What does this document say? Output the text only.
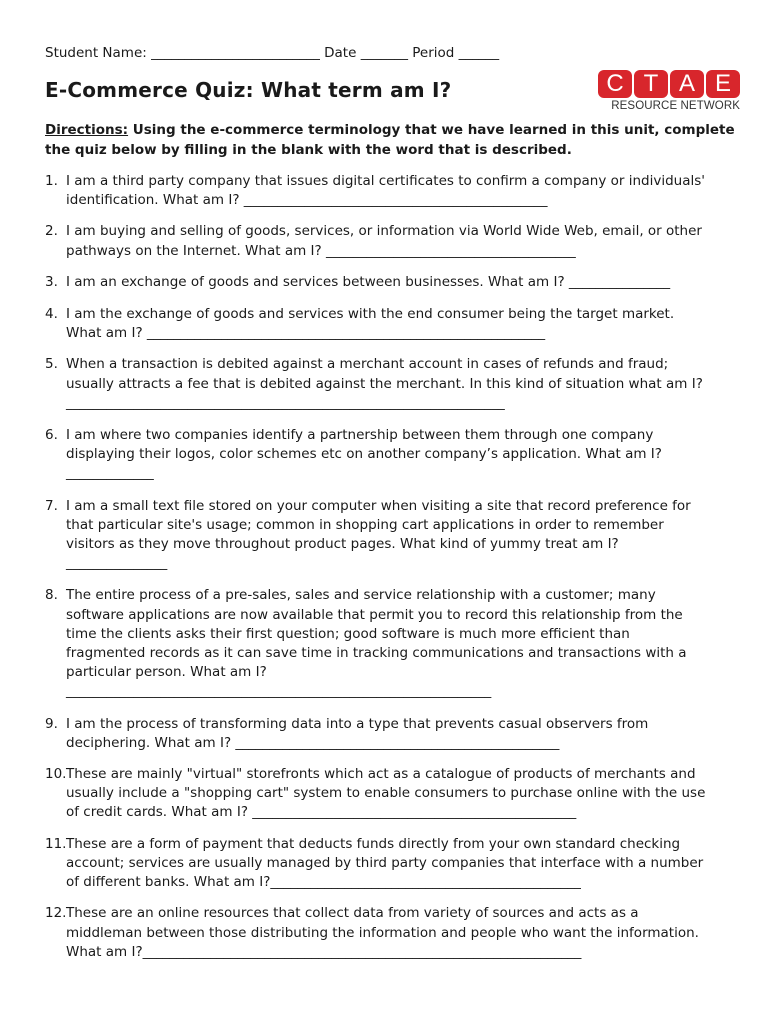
Student Name: _________________________ Date _______ Period ______
E-Commerce Quiz: What term am I?	C T A E
RESOURCE NETWORK
Directions: Using the e-commerce terminology that we have learned in this unit, complete the quiz below by filling in the blank with the word that is described.
1. I am a third party company that issues digital certificates to confirm a company or individuals'
identification. What am I? _____________________________________________
2. I am buying and selling of goods, services, or information via World Wide Web, email, or other
pathways on the Internet. What am I? _____________________________________
3. I am an exchange of goods and services between businesses. What am I? _______________
4. I am the exchange of goods and services with the end consumer being the target market.
What am I? ___________________________________________________________
5. When a transaction is debited against a merchant account in cases of refunds and fraud;
usually attracts a fee that is debited against the merchant. In this kind of situation what am I?
_________________________________________________________________
6. I am where two companies identify a partnership between them through one company
displaying their logos, color schemes etc on another company’s application. What am I?
_____________
7. I am a small text file stored on your computer when visiting a site that record preference for
that particular site's usage; common in shopping cart applications in order to remember
visitors as they move throughout product pages. What kind of yummy treat am I?
_______________
8. The entire process of a pre-sales, sales and service relationship with a customer; many
software applications are now available that permit you to record this relationship from the
time the clients asks their first question; good software is much more efficient than
fragmented records as it can save time in tracking communications and transactions with a
particular person. What am I?
_______________________________________________________________
9. I am the process of transforming data into a type that prevents casual observers from
deciphering. What am I? ________________________________________________
10. These are mainly "virtual" storefronts which act as a catalogue of products of merchants and
usually include a "shopping cart" system to enable consumers to purchase online with the use
of credit cards. What am I? ________________________________________________
11. These are a form of payment that deducts funds directly from your own standard checking
account; services are usually managed by third party companies that interface with a number
of different banks. What am I?______________________________________________
12. These are an online resources that collect data from variety of sources and acts as a
middleman between those distributing the information and people who want the information.
What am I?_________________________________________________________________
